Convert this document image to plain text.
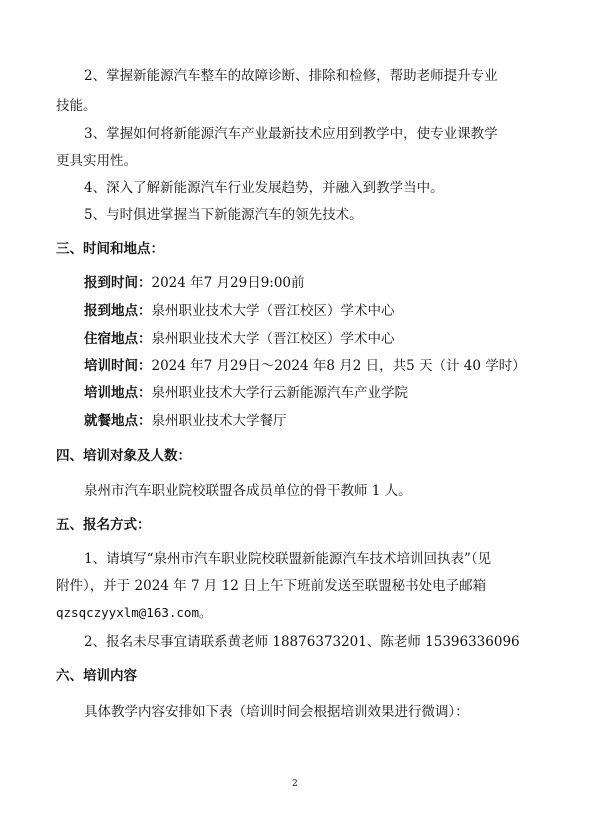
2、掌握新能源汽车整车的故障诊断、排除和检修，帮助老师提升专业
技能。
3、掌握如何将新能源汽车产业最新技术应用到教学中，使专业课教学
更具实用性。
4、深入了解新能源汽车行业发展趋势，并融入到教学当中。
5、与时俱进掌握当下新能源汽车的领先技术。
三、时间和地点：
报到时间：2024 年7 月29日9:00前
报到地点：泉州职业技术大学（晋江校区）学术中心
住宿地点：泉州职业技术大学（晋江校区）学术中心
培训时间：2024 年7 月29日～2024 年8 月2 日，共5 天（计 40 学时）
培训地点：泉州职业技术大学行云新能源汽车产业学院
就餐地点：泉州职业技术大学餐厅
四、培训对象及人数：
泉州市汽车职业院校联盟各成员单位的骨干教师 1 人。
五、报名方式：
1、请填写“泉州市汽车职业院校联盟新能源汽车技术培训回执表”（见
附件），并于 2024 年 7 月 12 日上午下班前发送至联盟秘书处电子邮箱
qzsqczyyxlm@163.com。
2、报名未尽事宜请联系黄老师 18876373201、陈老师 15396336096
六、培训内容
具体教学内容安排如下表（培训时间会根据培训效果进行微调）：
2
